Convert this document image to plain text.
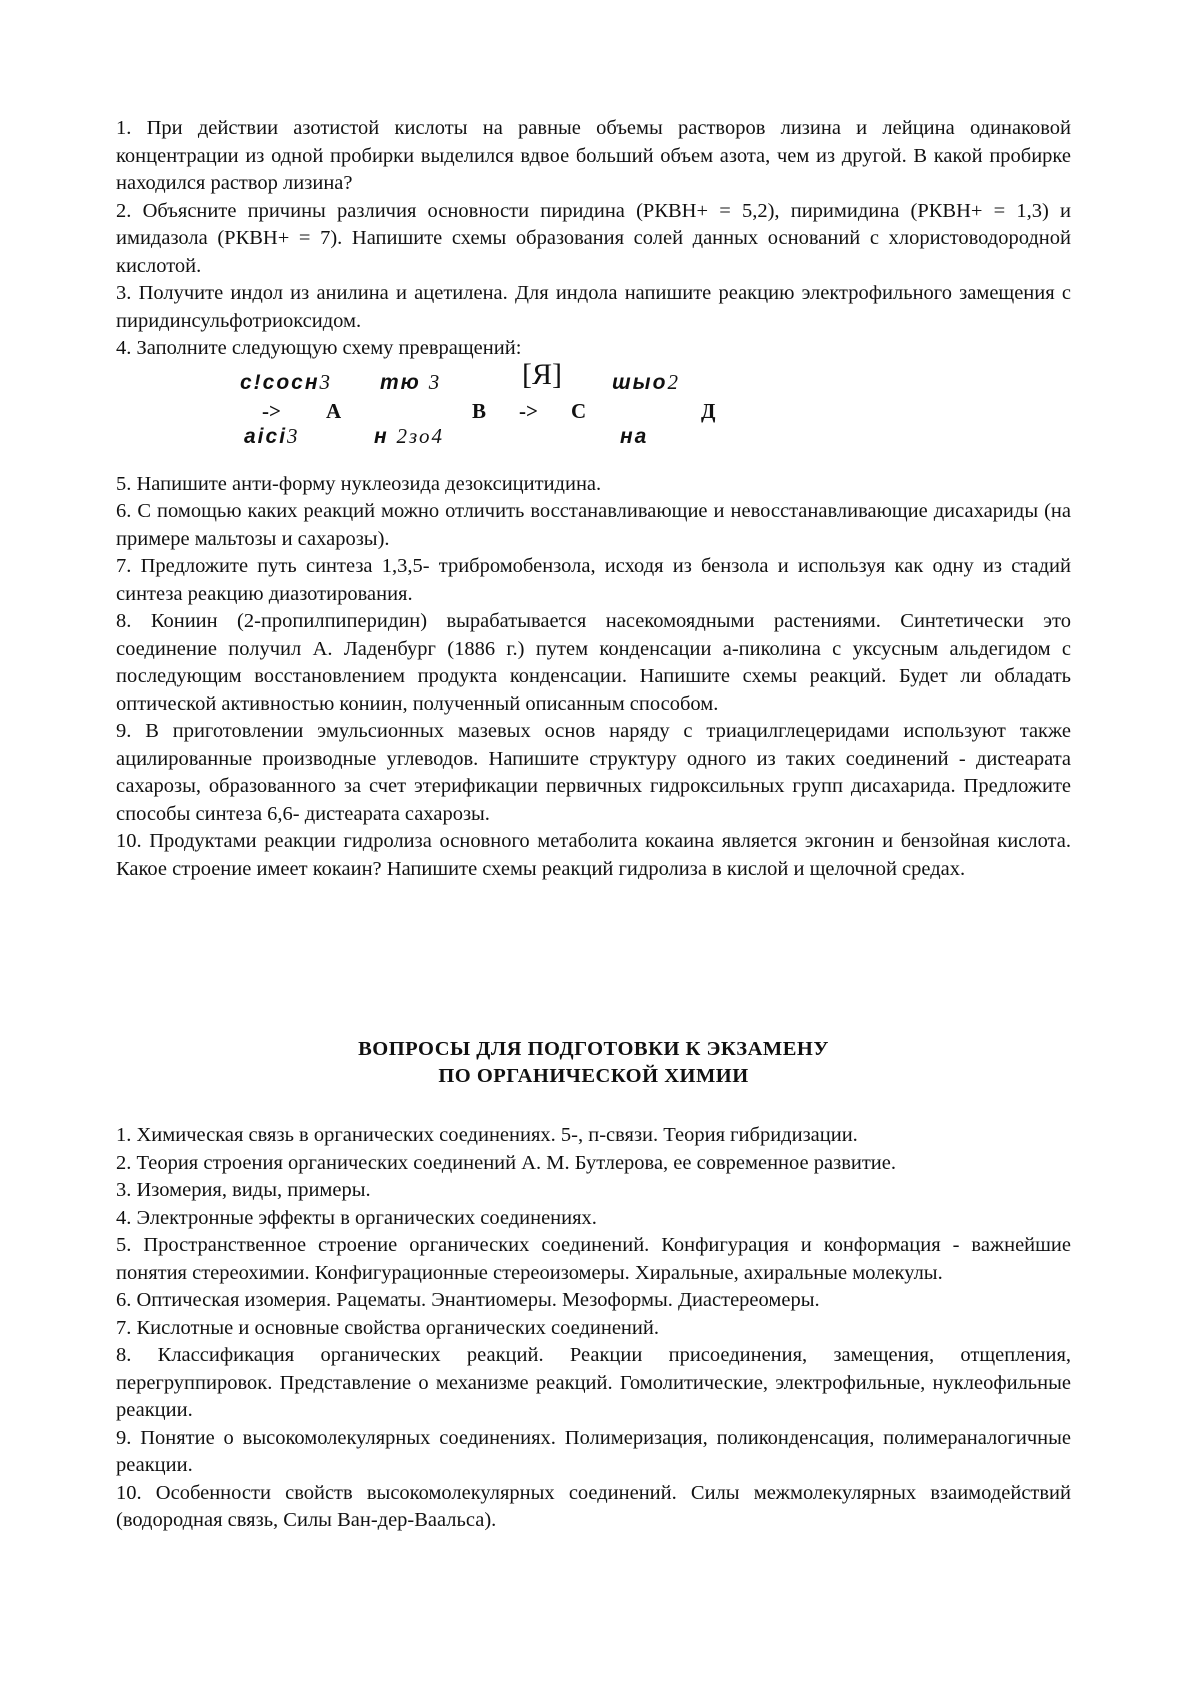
1. При действии азотистой кислоты на равные объемы растворов лизина и лейцина одинаковой концентрации из одной пробирки выделился вдвое больший объем азота, чем из другой. В какой пробирке находился раствор лизина?

2. Объясните причины различия основности пиридина (РКВН+ = 5,2), пиримидина (РКВН+ = 1,3) и имидазола (РКВН+ = 7). Напишите схемы образования солей данных оснований с хлористоводородной кислотой.

3. Получите индол из анилина и ацетилена. Для индола напишите реакцию электрофильного замещения с пиридинсульфотриоксидом.

4. Заполните следующую схему превращений:

с!сосн3 тю 3	[Я] шыо2
-> А	В -> С	Д
аісі3	н 2зо4	на

5. Напишите анти-форму нуклеозида дезоксицитидина.

6. С помощью каких реакций можно отличить восстанавливающие и невосстанавливающие дисахариды (на примере мальтозы и сахарозы).

7. Предложите путь синтеза 1,3,5- трибромобензола, исходя из бензола и используя как одну из стадий синтеза реакцию диазотирования.

8. Кониин (2-пропилпиперидин) вырабатывается насекомоядными растениями. Синтетически это соединение получил А. Ладенбург (1886 г.) путем конденсации а-пиколина с уксусным альдегидом с последующим восстановлением продукта конденсации. Напишите схемы реакций. Будет ли обладать оптической активностью кониин, полученный описанным способом.

9. В приготовлении эмульсионных мазевых основ наряду с триацилглецеридами используют также ацилированные производные углеводов. Напишите структуру одного из таких соединений - дистеарата сахарозы, образованного за счет этерификации первичных гидроксильных групп дисахарида. Предложите способы синтеза 6,6- дистеарата сахарозы.

10. Продуктами реакции гидролиза основного метаболита кокаина является экгонин и бензойная кислота. Какое строение имеет кокаин? Напишите схемы реакций гидролиза в кислой и щелочной средах.

ВОПРОСЫ ДЛЯ ПОДГОТОВКИ К ЭКЗАМЕНУ
ПО ОРГАНИЧЕСКОЙ ХИМИИ

1. Химическая связь в органических соединениях. 5-, п-связи. Теория гибридизации.

2. Теория строения органических соединений А. М. Бутлерова, ее современное развитие.

3. Изомерия, виды, примеры.

4. Электронные эффекты в органических соединениях.

5. Пространственное строение органических соединений. Конфигурация и конформация - важнейшие понятия стереохимии. Конфигурационные стереоизомеры. Хиральные, ахиральные молекулы.

6. Оптическая изомерия. Рацематы. Энантиомеры. Мезоформы. Диастереомеры.

7. Кислотные и основные свойства органических соединений.

8. Классификация органических реакций. Реакции присоединения, замещения, отщепления, перегруппировок. Представление о механизме реакций. Гомолитические, электрофильные, нуклеофильные реакции.

9. Понятие о высокомолекулярных соединениях. Полимеризация, поликонденсация, полимераналогичные реакции.

10. Особенности свойств высокомолекулярных соединений. Силы межмолекулярных взаимодействий (водородная связь, Силы Ван-дер-Ваальса).
